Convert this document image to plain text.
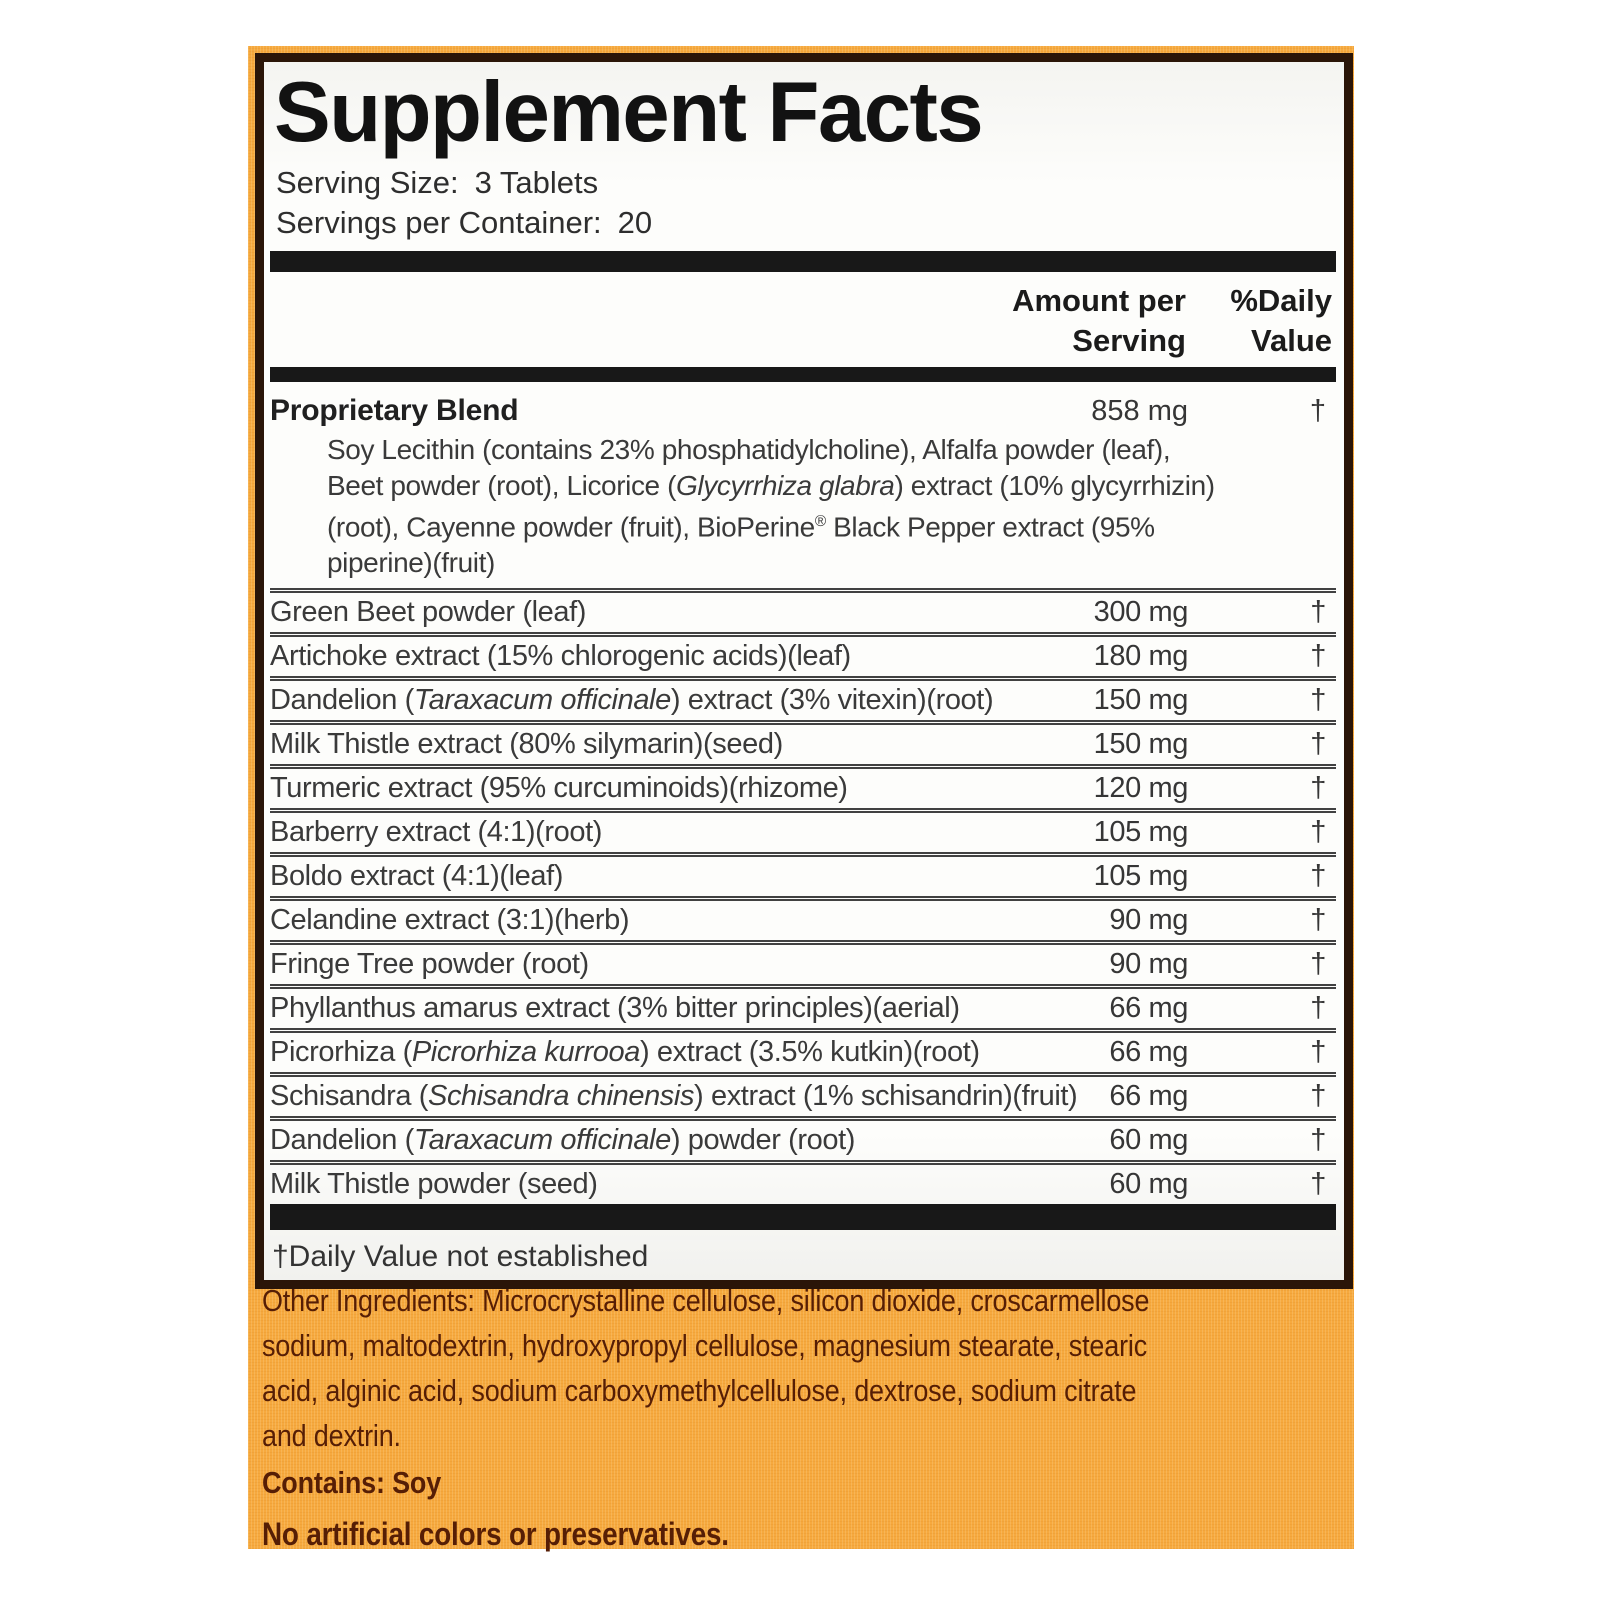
Supplement Facts
Serving Size: 3 Tablets
Servings per Container: 20
Amount per
Serving
%Daily
Value
Proprietary Blend	858 mg	†
Soy Lecithin (contains 23% phosphatidylcholine), Alfalfa powder (leaf),
Beet powder (root), Licorice (Glycyrrhiza glabra) extract (10% glycyrrhizin)
(root), Cayenne powder (fruit), BioPerine® Black Pepper extract (95%
piperine)(fruit)
Green Beet powder (leaf)	300 mg	†
Artichoke extract (15% chlorogenic acids)(leaf)	180 mg	†
Dandelion (Taraxacum officinale) extract (3% vitexin)(root)	150 mg	†
Milk Thistle extract (80% silymarin)(seed)	150 mg	†
Turmeric extract (95% curcuminoids)(rhizome)	120 mg	†
Barberry extract (4:1)(root)	105 mg	†
Boldo extract (4:1)(leaf)	105 mg	†
Celandine extract (3:1)(herb)	90 mg	†
Fringe Tree powder (root)	90 mg	†
Phyllanthus amarus extract (3% bitter principles)(aerial)	66 mg	†
Picrorhiza (Picrorhiza kurrooa) extract (3.5% kutkin)(root)	66 mg	†
Schisandra (Schisandra chinensis) extract (1% schisandrin)(fruit)	66 mg	†
Dandelion (Taraxacum officinale) powder (root)	60 mg	†
Milk Thistle powder (seed)	60 mg	†
†Daily Value not established
Other Ingredients: Microcrystalline cellulose, silicon dioxide, croscarmellose
sodium, maltodextrin, hydroxypropyl cellulose, magnesium stearate, stearic
acid, alginic acid, sodium carboxymethylcellulose, dextrose, sodium citrate
and dextrin.
Contains: Soy
No artificial colors or preservatives.
